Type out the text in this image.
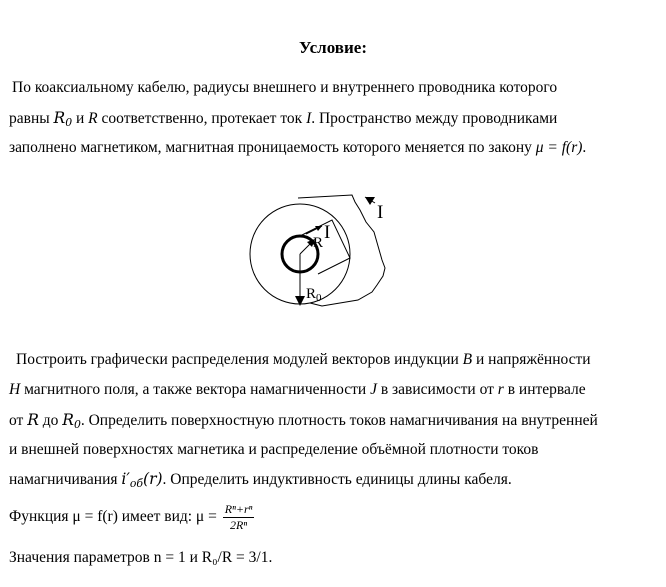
Условие:
По коаксиальному кабелю, радиусы внешнего и внутреннего проводника которого
равны $R_0$ и R соответственно, протекает ток I. Пространство между проводниками
заполнено магнетиком, магнитная проницаемость которого меняется по закону μ = f(r).
I
I
R
$R_0$
Построить графически распределения модулей векторов индукции B и напряжённости
H магнитного поля, а также вектора намагниченности J в зависимости от r в интервале
от R до $R_0$. Определить поверхностную плотность токов намагничивания на внутренней
и внешней поверхностях магнетика и распределение объёмной плотности токов
намагничивания $i'_{об}(r)$. Определить индуктивность единицы длины кабеля.
Функция μ = f(r) имеет вид: $\mu = \frac{\text{Rⁿ+rⁿ}}{\text{2Rⁿ}}$
Значения параметров n = 1 и R₀/R = 3/1.
